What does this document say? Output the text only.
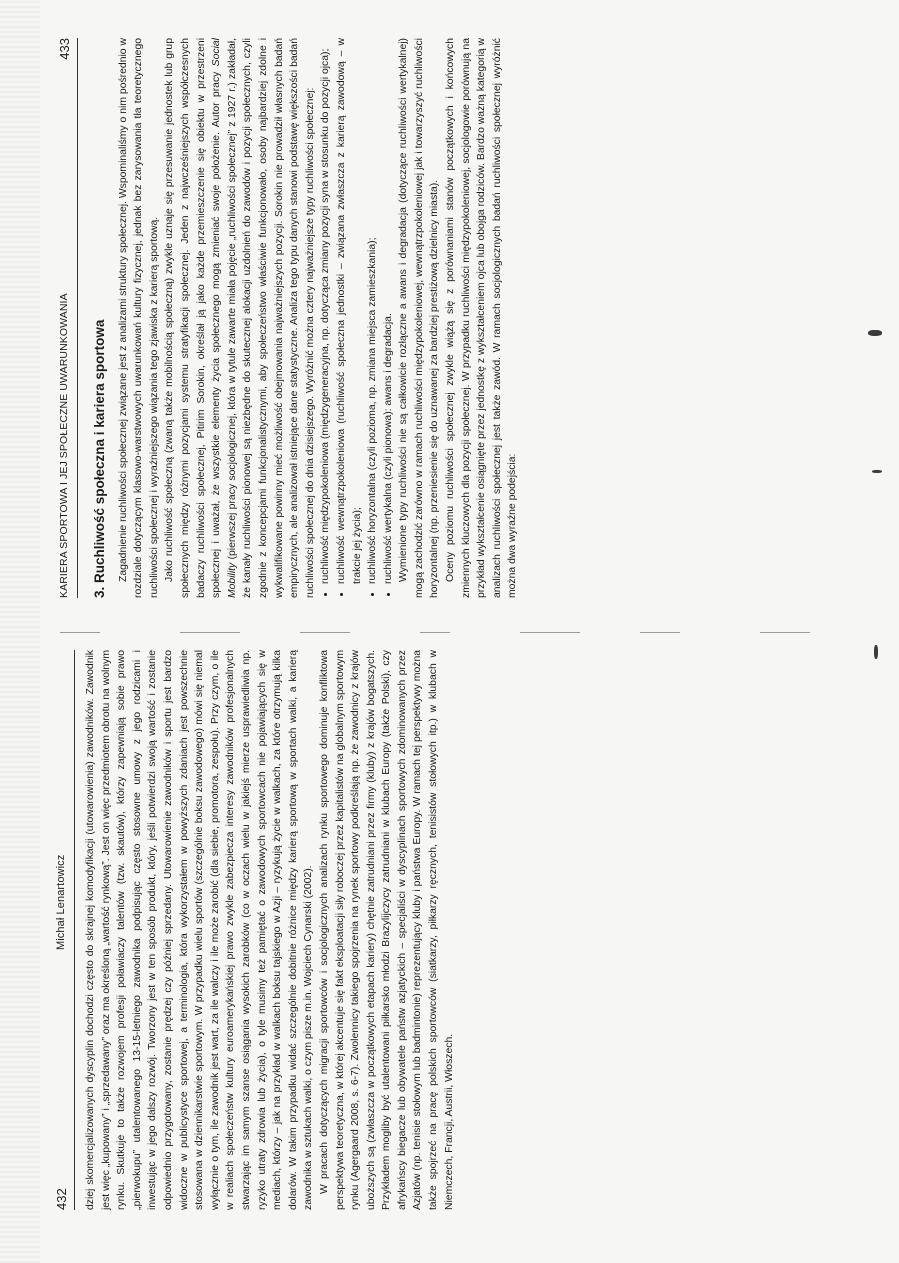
432
Michał Lenartowicz dziej skomercjalizowanych dyscyplin dochodzi często do skrajnej komodyfikacji (utowarowienia) zawodników. Zawodnik jest więc „kupowany” i „sprzedawany” oraz ma określoną „wartość rynkową”. Jest on więc przedmiotem obrotu na wolnym rynku. Skutkuje to także rozwojem profesji poławiaczy talentów (tzw. skautów), którzy zapewniają sobie prawo „pierwokupu” utalentowanego 13-15-letniego zawodnika podpisując często stosowne umowy z jego rodzicami i inwestując w jego dalszy rozwój. Tworzony jest w ten sposób produkt, który, jeśli potwierdzi swoją wartość i zostanie odpowiednio przygotowany, zostanie prędzej czy później sprzedany. Utowarowienie zawodników i sportu jest bardzo widoczne w publicystyce sportowej, a terminologia, która wykorzystałem w powyższych zdaniach jest powszechnie stosowana w dziennikarstwie sportowym. W przypadku wielu sportów (szczególnie boksu zawodowego) mówi się niemal wyłącznie o tym, ile zawodnik jest wart, za ile walczy i ile może zarobić (dla siebie, promotora, zespołu). Przy czym, o ile w realiach społeczeństw kultury euroamerykańskiej prawo zwykle zabezpiecza interesy zawodników profesjonalnych stwarzając im samym szanse osiągania wysokich zarobków (co w oczach wielu w jakiejś mierze usprawiedliwia np. ryzyko utraty zdrowia lub życia), o tyle musimy też pamiętać o zawodowych sportowcach nie pojawiających się w mediach, którzy – jak na przykład w walkach boksu tajskiego w Azji – ryzykują życie w walkach, za które otrzymują kilka dolarów. W takim przypadku widać szczególnie dobitnie różnice między karierą sportową w sportach walki, a karierą zawodnika w sztukach walki, o czym pisze m.in. Wojciech Cynarski (2002). W pracach dotyczących migracji sportowców i socjologicznych analizach rynku sportowego dominuje konfliktowa perspektywa teoretyczna, w której akcentuje się fakt eksploatacji siły roboczej przez kapitalistów na globalnym sportowym rynku (Agergaard 2008, s. 6-7). Zwolennicy takiego spojrzenia na rynek sportowy podkreślają np. że zawodnicy z krajów uboższych są (zwłaszcza w początkowych etapach kariery) chętnie zatrudniani przez firmy (kluby) z krajów bogatszych. Przykładem mogliby być utalentowani piłkarsko młodzi Brazylijczycy zatrudniani w klubach Europy (także Polski), czy afrykańscy biegacze lub obywatele państw azjatyckich – specjaliści w dyscyplinach sportowych zdominowanych przez Azjatów (np. tenisie stołowym lub badmintonie) reprezentujący kluby i państwa Europy. W ramach tej perspektywy można także spojrzeć na pracę polskich sportowców (siatkarzy, piłkarzy ręcznych, tenisistów stołowych itp.) w klubach w Niemczech, Francji, Austrii, Włoszech.

KARIERA SPORTOWA I JEJ SPOŁECZNE UWARUNKOWANIA
433
3. Ruchliwość społeczna i kariera sportowa Zagadnienie ruchliwości społecznej związane jest z analizami struktury społecznej. Wspominaliśmy o nim pośrednio w rozdziale dotyczącym klasowo-warstwowych uwarunkowań kultury fizycznej, jednak bez zarysowania tła teoretycznego ruchliwości społecznej i wyraźniejszego wiązania tego zjawiska z karierą sportową. Jako ruchliwość społeczną (zwaną także mobilnością społeczną) zwykle uznaje się przesuwanie jednostek lub grup społecznych między różnymi pozycjami systemu stratyfikacji społecznej. Jeden z najwcześniejszych współczesnych badaczy ruchliwości społecznej, Pitirim Sorokin, określał ją jako każde przemieszczenie się obiektu w przestrzeni społecznej i uważał, że wszystkie elementy życia społecznego mogą zmieniać swoje położenie. Autor pracy Social Mobility (pierwszej pracy socjologicznej, która w tytule zawarte miała pojęcie „ruchliwości społecznej” z 1927 r.) zakładał, że kanały ruchliwości pionowej są niezbędne do skutecznej alokacji uzdolnień do zawodów i pozycji społecznych, czyli zgodnie z koncepcjami funkcjonalistycznymi, aby społeczeństwo właściwie funkcjonowało, osoby najbardziej zdolne i wykwalifikowane powinny mieć możliwość obejmowania najważniejszych pozycji. Sorokin nie prowadził własnych badań empirycznych, ale analizował istniejące dane statystyczne. Analiza tego typu danych stanowi podstawę większości badań ruchliwości społecznej do dnia dzisiejszego. Wyróżnić można cztery najważniejsze typy ruchliwości społecznej: • ruchliwość międzypokoleniowa (międzygeneracyjna, np. dotycząca zmiany pozycji syna w stosunku do pozycji ojca); • ruchliwość wewnątrzpokoleniowa (ruchliwość społeczna jednostki – związana zwłaszcza z karierą zawodową – w trakcie jej życia); • ruchliwość horyzontalna (czyli pozioma, np. zmiana miejsca zamieszkania); • ruchliwość wertykalna (czyli pionowa): awans i degradacja. Wymienione typy ruchliwości nie są całkowicie rozłączne a awans i degradacja (dotyczące ruchliwości wertykalnej) mogą zachodzić zarówno w ramach ruchliwości międzypokoleniowej, wewnątrzpokoleniowej jak i towarzyszyć ruchliwości horyzontalnej (np. przeniesienie się do uznawanej za bardziej prestiżową dzielnicy miasta). Oceny poziomu ruchliwości społecznej zwykle wiążą się z porównaniami stanów początkowych i końcowych zmiennych kluczowych dla pozycji społecznej. W przypadku ruchliwości międzypokoleniowej, socjologowie porównują na przykład wykształcenie osiągnięte przez jednostkę z wykształceniem ojca lub obojga rodziców. Bardzo ważną kategorią w analizach ruchliwości społecznej jest także zawód. W ramach socjologicznych badań ruchliwości społecznej wyróżnić można dwa wyraźne podejścia:
